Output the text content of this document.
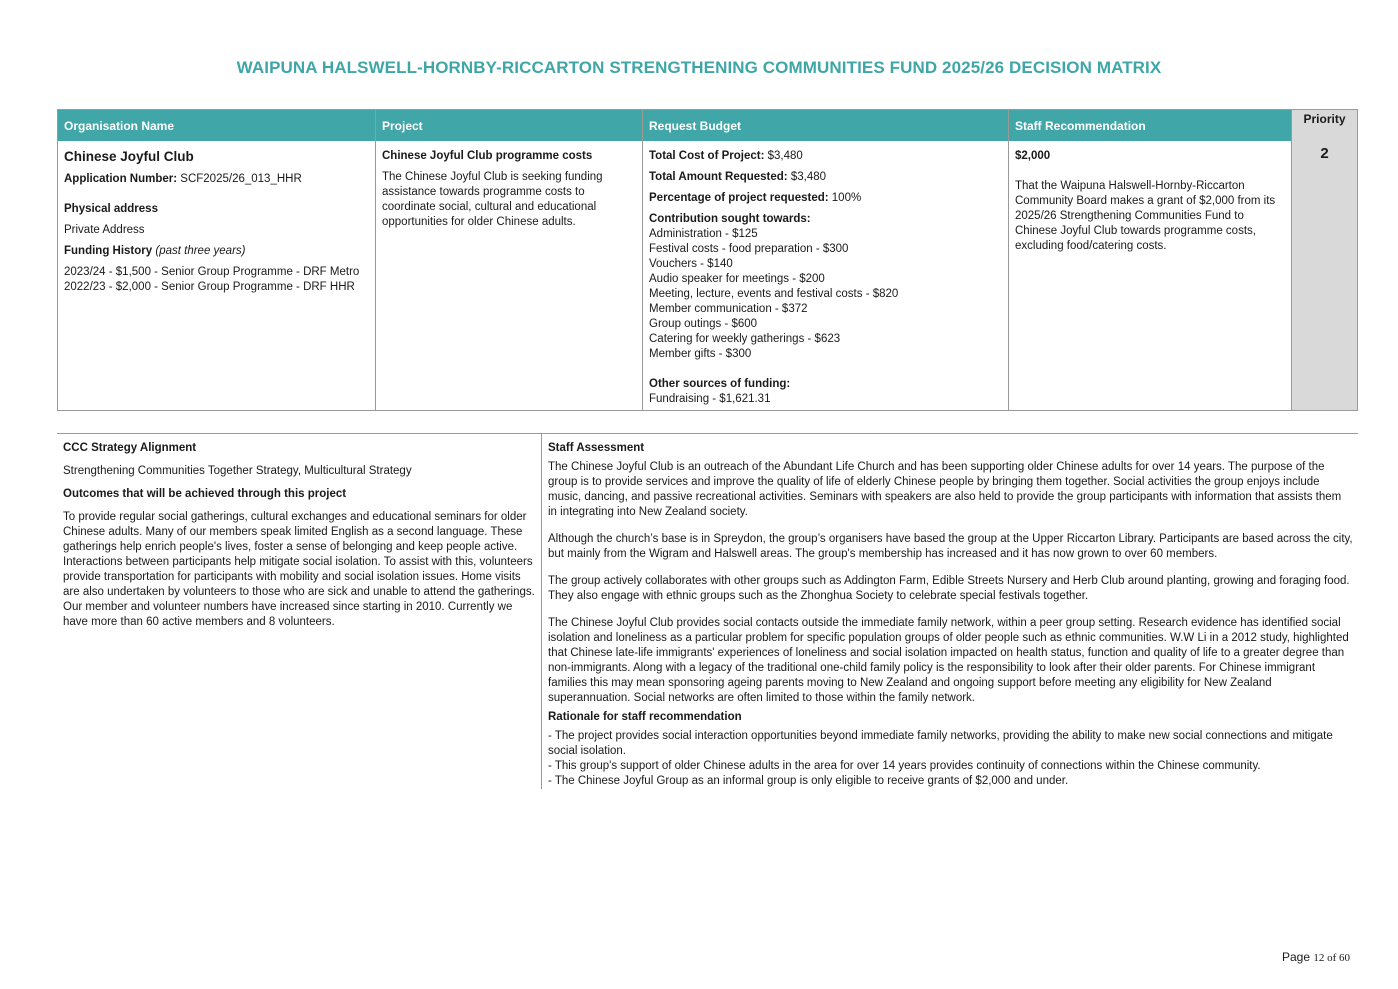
WAIPUNA HALSWELL-HORNBY-RICCARTON STRENGTHENING COMMUNITIES FUND 2025/26 DECISION MATRIX
Organisation Name
Chinese Joyful Club
Application Number: SCF2025/26_013_HHR
Physical address
Private Address
Funding History (past three years)
2023/24 - $1,500 - Senior Group Programme - DRF Metro
2022/23 - $2,000 - Senior Group Programme - DRF HHR
Project
Chinese Joyful Club programme costs
The Chinese Joyful Club is seeking funding assistance towards programme costs to coordinate social, cultural and educational opportunities for older Chinese adults.
Request Budget
Total Cost of Project: $3,480
Total Amount Requested: $3,480
Percentage of project requested: 100%
Contribution sought towards:
Administration - $125
Festival costs - food preparation - $300
Vouchers - $140
Audio speaker for meetings - $200
Meeting, lecture, events and festival costs - $820
Member communication - $372
Group outings - $600
Catering for weekly gatherings - $623
Member gifts - $300
Other sources of funding:
Fundraising - $1,621.31
Staff Recommendation
$2,000
That the Waipuna Halswell-Hornby-Riccarton Community Board makes a grant of $2,000 from its 2025/26 Strengthening Communities Fund to Chinese Joyful Club towards programme costs, excluding food/catering costs.
Priority
2

CCC Strategy Alignment

Strengthening Communities Together Strategy, Multicultural Strategy

Outcomes that will be achieved through this project

To provide regular social gatherings, cultural exchanges and educational seminars for older Chinese adults. Many of our members speak limited English as a second language. These gatherings help enrich people's lives, foster a sense of belonging and keep people active.

Interactions between participants help mitigate social isolation. To assist with this, volunteers provide transportation for participants with mobility and social isolation issues. Home visits are also undertaken by volunteers to those who are sick and unable to attend the gatherings.

Our member and volunteer numbers have increased since starting in 2010. Currently we have more than 60 active members and 8 volunteers.

Staff Assessment

The Chinese Joyful Club is an outreach of the Abundant Life Church and has been supporting older Chinese adults for over 14 years. The purpose of the group is to provide services and improve the quality of life of elderly Chinese people by bringing them together. Social activities the group enjoys include music, dancing, and passive recreational activities. Seminars with speakers are also held to provide the group participants with information that assists them in integrating into New Zealand society.

Although the church’s base is in Spreydon, the group’s organisers have based the group at the Upper Riccarton Library. Participants are based across the city, but mainly from the Wigram and Halswell areas. The group's membership has increased and it has now grown to over 60 members.

The group actively collaborates with other groups such as Addington Farm, Edible Streets Nursery and Herb Club around planting, growing and foraging food. They also engage with ethnic groups such as the Zhonghua Society to celebrate special festivals together.

The Chinese Joyful Club provides social contacts outside the immediate family network, within a peer group setting. Research evidence has identified social isolation and loneliness as a particular problem for specific population groups of older people such as ethnic communities. W.W Li in a 2012 study, highlighted that Chinese late-life immigrants' experiences of loneliness and social isolation impacted on health status, function and quality of life to a greater degree than non-immigrants. Along with a legacy of the traditional one-child family policy is the responsibility to look after their older parents. For Chinese immigrant families this may mean sponsoring ageing parents moving to New Zealand and ongoing support before meeting any eligibility for New Zealand superannuation. Social networks are often limited to those within the family network.

Rationale for staff recommendation

- The project provides social interaction opportunities beyond immediate family networks, providing the ability to make new social connections and mitigate social isolation.

- This group's support of older Chinese adults in the area for over 14 years provides continuity of connections within the Chinese community.

- The Chinese Joyful Group as an informal group is only eligible to receive grants of $2,000 and under.

Page 12 of 60
